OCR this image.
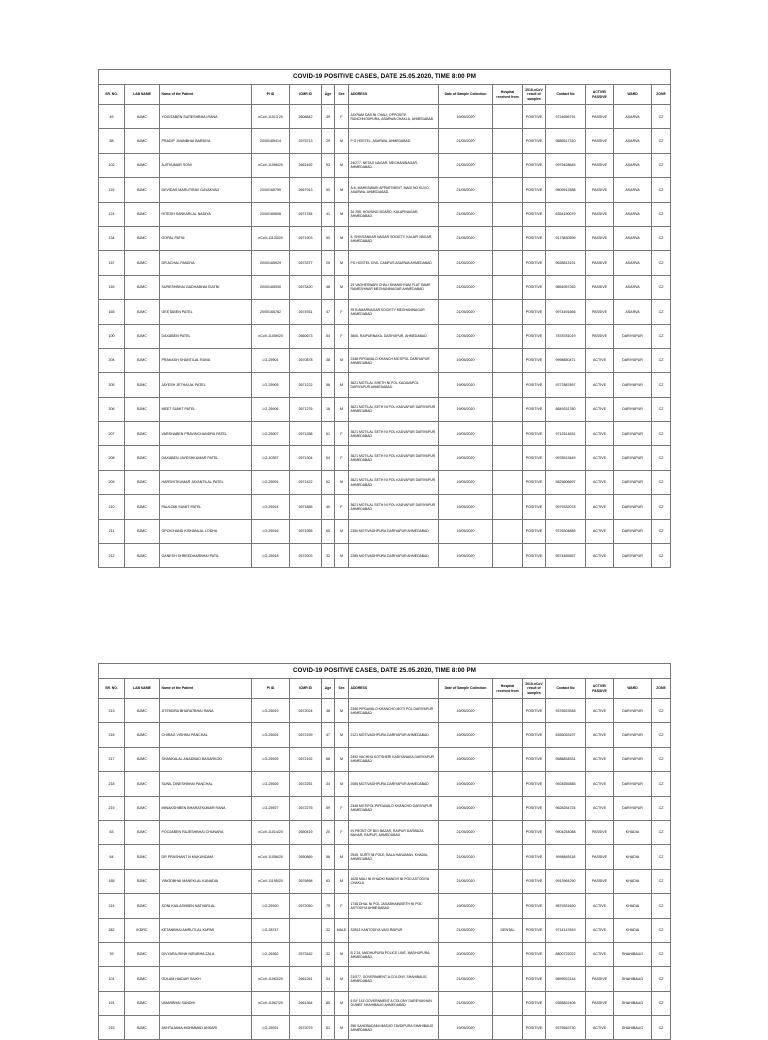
COVID-19 POSITIVE CASES, DATE 25.05.2020, TIME 8:00 PM
SR. NO.	LAB NAME	Name of the Patient	PI ID	ICMR ID	Age	Sex	ADDRESS	Date of Sample Collection	Hospital received from	2019-nCoV result of samples	Contact No	ACTIVE/ PASSIVE	WARD	ZONE
49	BJMC	YOGITABEN SURESHBHAI RANA	nCoV-11013 20	2608842	39	F	JAYRAM DAS NI CHALI, OPPOSITE RANCHHODPURA, ASARWA CHAKLA, AHMEDABAD.	19/05/2020		POSITIVE	9724656791	PASSIVE	ASARVA	CZ
58	BJMC	PRADIP JIVANBHAI BARBIYA	20/00165414	2575713	29	M	P G HOSTEL, ASARWA, AHMEDABAD.	21/05/2020		POSITIVE	9885517310	PASSIVE	ASARVA	CZ
102	BJMC	AJITKUMAR SONI	nCoV-11066/20	2661492	53	M	24/277, NETAJI NAGAR, MEGHANINAGAR, AHMEDABAD.	21/05/2020		POSITIVE	9979428645	PASSIVE	ASARVA	CZ
115	BJMC	DEVIDAS MARUTIRAV GAYAKVAD	20/00165759	2667913	50	M	A-6, MAHESWARI APPARTMENT, MADI NO KUVO, ASARWA, AHMEDABAD.	21/05/2020		POSITIVE	9809512588	PASSIVE	ASARVA	CZ
124	BJMC	HITESH SANKARLAL NADIYA	20/00165698	2671784	41	M	34 258, HOUSING BOARD, KALAPINAGAR, AHMEDABAD.	21/05/2020		POSITIVE	6354190079	PASSIVE	ASARVA	CZ
134	BJMC	GOPAL PATNI	nCoV-11130/20	2671903	50	M	5, SHIVSANKAR NAGAR SOCIETY, KALAPI NAGAR, AHMEDABAD.	21/05/2020		POSITIVE	9173830599	PASSIVE	ASARVA	CZ
157	BJMC	DR ACHAL PANDYA	20/00165929	2673377	25	M	PG HOSTEL CIVIL CAMPUS ASARWA AHMEDABAD	21/05/2020		POSITIVE	9628513191	PASSIVE	ASARVA	CZ
159	BJMC	SURESHBHAI GADHABHAI ISATNI	20/00165930	2673420	46	M	19 VAGHESWARI CHALI SHANKHYAM FLAT SAME RAMESHWAR MEGHANINAGAR AHMEDABAD	21/05/2020		POSITIVE	9854957263	PASSIVE	ASARVA	CZ
165	BJMC	GEETABEN PATEL	20/00165762	2674931	47	F	39 B AMARNAGAR SOCIETY MEGHANINAGAR AHMEDABAD	21/05/2020		POSITIVE	9974491565	PASSIVE	ASARVA	CZ
100	BJMC	DAXABEN PATEL	nCoV-11059/20	2660673	54	F	3606, RAIPURNAKA, DARIYAPUR, AHMEDABAD.	21/05/2020		POSITIVE	7878781019	PASSIVE	DARIYAPUR	CZ
204	BJMC	PRAKASH SHANTILAL RANA	LG-25901	2670878	38	M	2348 PIPDAVALO KHANCH MOTIPOL DARIYAPUR AHMEDABAD	19/05/2020		POSITIVE	9998850471	ACTIVE	DARIYAPUR	CZ
205	BJMC	JAYESH JETHALAL PATEL	LG-25905	2671222	56	M	3621 MOTILAL SHETH NI POL KADAVAPOL DARIYAPUR AHMEDABAD	19/05/2020		POSITIVE	9727887897	ACTIVE	DARIYAPUR	CZ
206	BJMC	MEET SUMIT PATEL	LG-26906	2671276	16	M	3621 MOTILAL SETH NI POL KADVAPUR DARIYAPUR AHMEDABAD	19/05/2020		POSITIVE	8849331780	ACTIVE	DARIYAPUR	CZ
207	BJMC	VARSHABEN PRAVINCHANDRA PATEL	LG-25907	2671288	61	F	3621 MOTILAL SETH NI POL KADVAPUR DARIYAPUR AHMEDABAD	19/05/2020		POSITIVE	9712514631	ACTIVE	DARIYAPUR	CZ
208	BJMC	DAXABEN JAYESHKUMAR PATEL	LG-10357	2671304	54	F	3621 MOTILAL SETH NI POL KADVAPUR DARIYAPUR AHMEDABAD	19/05/2020		POSITIVE	9978513449	ACTIVE	DARIYAPUR	CZ
209	BJMC	HARSHITKUMAR JAYANTILAL PATEL	LG-25991	2671422	62	M	3621 MOTILAL SETH NI POL KADVAPUR DARIYAPUR AHMEDABAD	19/05/2020		POSITIVE	9825606697	ACTIVE	DARIYAPUR	CZ
210	BJMC	PAULOMI SUMIT PATEL	LG-25914	2671855	40	F	3621 MOTILAL SETH NI POL KADVAPUR DARIYAPUR AHMEDABAD	19/05/2020		POSITIVE	9979332078	ACTIVE	DARIYAPUR	CZ
211	BJMC	GPOICHAND KISHANLAL LODHA	LG-25916	2671955	65	M	2306 MOTIVAGHPURA DARIYAPUR AHMEDABAD	19/05/2020		POSITIVE	9725304889	ACTIVE	DARIYAPUR	CZ
212	BJMC	GANESH SHREEDHARBHAI PATIL	LG-25918	2672003	32	M	2285 MOTIVAGHPURA DARIYAPUR AHMEDABAD	19/05/2020		POSITIVE	9574465557	ACTIVE	DARIYAPUR	CZ
COVID-19 POSITIVE CASES, DATE 25.05.2020, TIME 8:00 PM
SR. NO.	LAB NAME	Name of the Patient	PI ID	ICMR ID	Age	Sex	ADDRESS	Date of Sample Collection	Hospital received from	2019-nCoV result of samples	Contact No	ACTIVE/ PASSIVE	WARD	ZONE
213	BJMC	JITENDRA BHARATBHAI RANA	LG-25919	2672024	36	M	2348 PIPDAVALO KHANCHO MOTI POL DARIYAPUR AHMEDABAD	19/05/2020		POSITIVE	9376523548	ACTIVE	DARIYAPUR	CZ
216	BJMC	CHIRAG VISHNU PANCHAL	LG-25924	2672159	47	M	2121 MOTIVAGHPURA DARIYAPUR AHMEDABAD	19/05/2020		POSITIVE	6355053197	ACTIVE	DARIYAPUR	CZ
217	BJMC	SHANKALAL ANADBAO BASARKOD	LG-25925	2672192	66	M	2492 VACHHU KOTSHERI KADIYANAKA DARIYAPUR AHMEDABAD	19/05/2020		POSITIVE	9586834531	ACTIVE	DARIYAPUR	CZ
218	BJMC	SUNIL DINESHBHAI PANCHAL	LG-25926	2672251	34	M	2085 MOTIVAGHPURA DARIYAPUR AHMEDABAD	19/05/2020		POSITIVE	9924555585	ACTIVE	DARIYAPUR	CZ
219	BJMC	MINAKSHIBEN BHARATKUMAR RANA	LG-25927	2672276	59	F	2348 MOTIPOL PIPDAVALO KHANCHO DARIYAPUR AHMEDABAD	19/05/2020		POSITIVE	9628254724	ACTIVE	DARIYAPUR	CZ
63	BJMC	POOJABEN RAJESHBHAI CHUNARA	nCoV-11014/20	2650419	20	F	IN FRONT OF BIG BAZAR, RAIPUR DARWAZA BAHAR, RAIPUR, AHMEDABAD.	21/05/2020		POSITIVE	9904254088	PASSIVE	KHADIA	CZ
64	BJMC	DR PRASHANT N MUKUNDAM	nCoV-11056/20	2650869	56	M	2945, SURTI NI POLE, BALA HANUMAN, KHADIA, AHMEDABAD.	21/05/2020		POSITIVE	9998845118	PASSIVE	KHADIA	CZ
185	BJMC	VINODBHAI MANEKLAL KANADIA	nCoV-11195/20	2676898	63	M	1628 MALI NI KHADKI MANDVI NI POD ASTODIYA CHAKLA	21/05/2020		POSITIVE	9913964290	PASSIVE	KHADIA	CZ
214	BJMC	SONI KAILASHBEN NATVARLAL	LG-25920	2672050	75	F	1748 DHAL NI POL JAGABHAINISETH NI POL ASTODIYA AHMEDABAD	19/05/2020		POSITIVE	9879331620	ACTIVE	KHADIA	CZ
282	IKDRC	KETANBHAI AMRUTLAL KURMI	LG-28747		32	MALE	S2813 KANTODIYA VASI RAIPUR	21/05/2020	DENTAL	POSITIVE	9714147819	ACTIVE	KHADIA	CZ
39	BJMC	DIVYARAJSINH NIRUBHA ZALA	LG-26362	2573162	32	M	B 2 24, MADHUPURA POLICE LINE, MADHUPURA, AHMEDABAD.	20/05/2020		POSITIVE	8800722022	ACTIVE	SHAHIBAUG	CZ
101	BJMC	GULAM HAIDAR SAIKH	nCoV-11063/20	2661261	54	M	21/577, GOVERNMENT A COLONY, SHAHIBAUG, AHMEDABAD.	21/05/2020		POSITIVE	9899922144	PASSIVE	SHAHIBAUG	CZ
191	BJMC	UMARBHAI SANDHI	nCoV-11067/20	2661364	85	M	6 BY 143 GOVERNMENT A COLONY DAREYAKHAN GUMBT SHAHIBAUG AHMEDABAD	21/05/2020		POSITIVE	9365822406	PASSIVE	SHAHIBAUG	CZ
215	BJMC	AKHTAJAMA MOHMMAD ANSARI	LG-25921	2672079	51	M	396 SAHDBADAMI MASJID TAVDIPURA SHAHIBAUG AHMEDABAD	19/05/2020		POSITIVE	9375563730	ACTIVE	SHAHIBAUG	CZ
